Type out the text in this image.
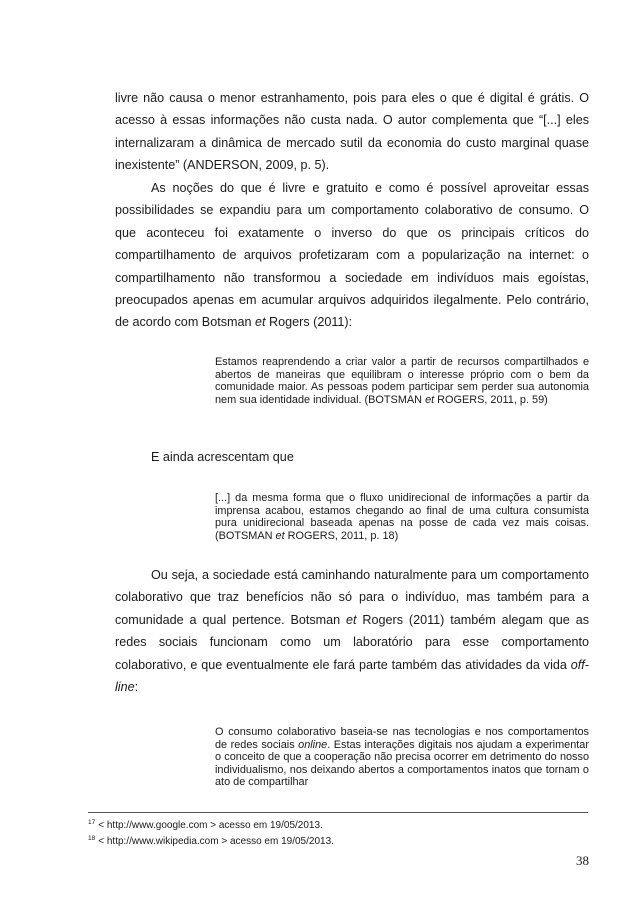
livre não causa o menor estranhamento, pois para eles o que é digital é grátis. O acesso à essas informações não custa nada. O autor complementa que “[...] eles internalizaram a dinâmica de mercado sutil da economia do custo marginal quase inexistente” (ANDERSON, 2009, p. 5).

As noções do que é livre e gratuito e como é possível aproveitar essas possibilidades se expandiu para um comportamento colaborativo de consumo. O que aconteceu foi exatamente o inverso do que os principais críticos do compartilhamento de arquivos profetizaram com a popularização na internet: o compartilhamento não transformou a sociedade em indivíduos mais egoístas, preocupados apenas em acumular arquivos adquiridos ilegalmente. Pelo contrário, de acordo com Botsman et Rogers (2011):

Estamos reaprendendo a criar valor a partir de recursos compartilhados e abertos de maneiras que equilibram o interesse próprio com o bem da comunidade maior. As pessoas podem participar sem perder sua autonomia nem sua identidade individual. (BOTSMAN et ROGERS, 2011, p. 59)

E ainda acrescentam que

[...] da mesma forma que o fluxo unidirecional de informações a partir da imprensa acabou, estamos chegando ao final de uma cultura consumista pura unidirecional baseada apenas na posse de cada vez mais coisas. (BOTSMAN et ROGERS, 2011, p. 18)

Ou seja, a sociedade está caminhando naturalmente para um comportamento colaborativo que traz benefícios não só para o indivíduo, mas também para a comunidade a qual pertence. Botsman et Rogers (2011) também alegam que as redes sociais funcionam como um laboratório para esse comportamento colaborativo, e que eventualmente ele fará parte também das atividades da vida off-line:

O consumo colaborativo baseia-se nas tecnologias e nos comportamentos de redes sociais online. Estas interações digitais nos ajudam a experimentar o conceito de que a cooperação não precisa ocorrer em detrimento do nosso individualismo, nos deixando abertos a comportamentos inatos que tornam o ato de compartilhar

$^{17}$ < http://www.google.com > acesso em 19/05/2013.
$^{18}$ < http://www.wikipedia.com > acesso em 19/05/2013.
38
